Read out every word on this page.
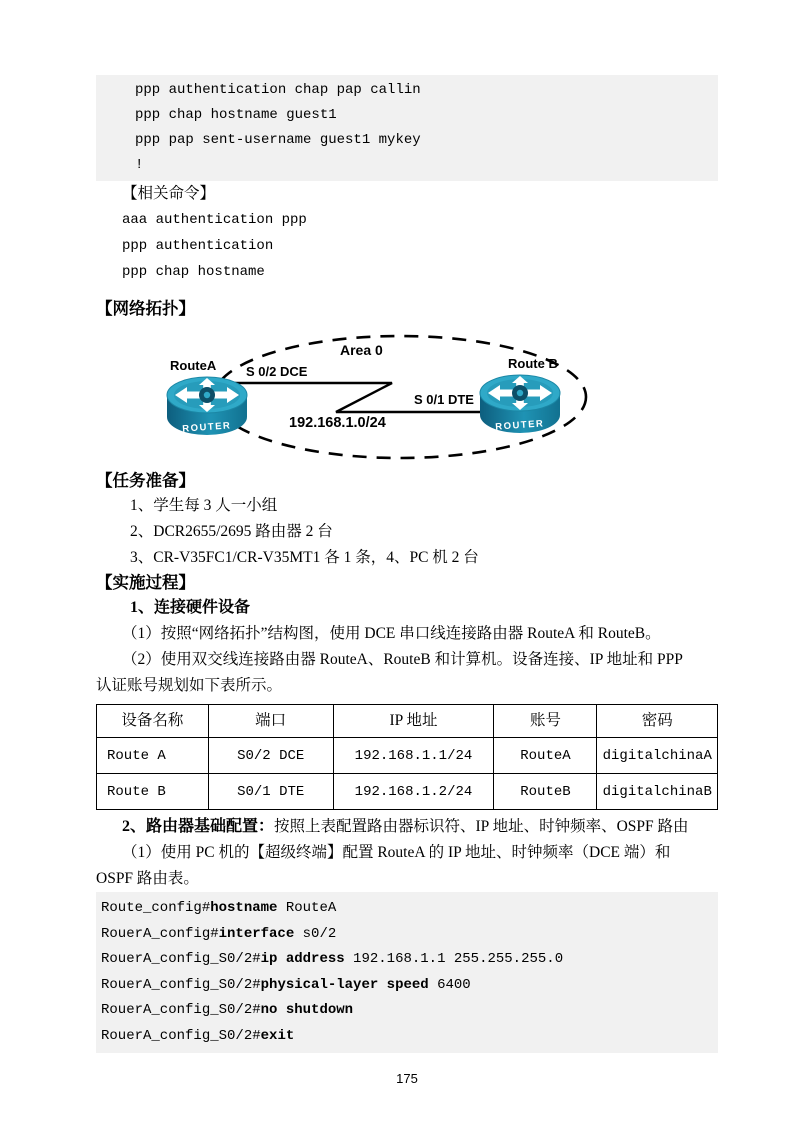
ppp authentication chap pap callin
ppp chap hostname guest1
ppp pap sent-username guest1 mykey
!
【相关命令】
aaa authentication ppp
ppp authentication
ppp chap hostname
【网络拓扑】
ROUTER	ROUTER
Area 0
RouteA	Route B
S 0/2 DCE
S 0/1 DTE
192.168.1.0/24
【任务准备】
1、学生每 3 人一小组
2、DCR2655/2695 路由器 2 台
3、CR-V35FC1/CR-V35MT1 各 1 条，4、PC 机 2 台
【实施过程】
1、连接硬件设备
（1）按照“网络拓扑”结构图，使用 DCE 串口线连接路由器 RouteA 和 RouteB。
（2）使用双交线连接路由器 RouteA、RouteB 和计算机。设备连接、IP 地址和 PPP
认证账号规划如下表所示。
设备名称	端口	IP 地址	账号	密码
Route A	S0/2 DCE	192.168.1.1/24	RouteA	digitalchinaA
Route B	S0/1 DTE	192.168.1.2/24	RouteB	digitalchinaB
2、路由器基础配置：按照上表配置路由器标识符、IP 地址、时钟频率、OSPF 路由
（1）使用 PC 机的【超级终端】配置 RouteA 的 IP 地址、时钟频率（DCE 端）和
OSPF 路由表。
Route_config#hostname RouteA
RouerA_config#interface s0/2
RouerA_config_S0/2#ip address 192.168.1.1 255.255.255.0
RouerA_config_S0/2#physical-layer speed 6400
RouerA_config_S0/2#no shutdown
RouerA_config_S0/2#exit
175
